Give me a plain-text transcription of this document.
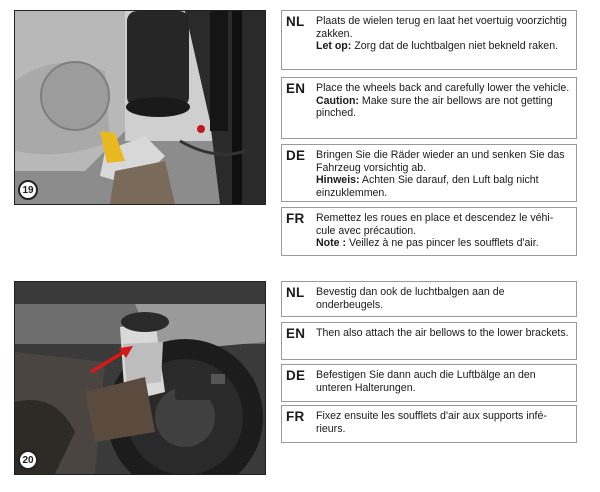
19
NL	Plaats de wielen terug en laat het voertuig voorzichtig zakken.
Let op: Zorg dat de luchtbalgen niet bekneld raken.
EN	Place the wheels back and carefully lower the vehicle.
Caution: Make sure the air bellows are not getting pinched.
DE	Bringen Sie die Räder wieder an und senken Sie das Fahrzeug vorsichtig ab.
Hinweis: Achten Sie darauf, den Luft balg nicht einzuklemmen.
FR	Remettez les roues en place et descendez le véhi-cule avec précaution.
Note : Veillez à ne pas pincer les soufflets d'air.
20
NL	Bevestig dan ook de luchtbalgen aan de onderbeugels.
EN	Then also attach the air bellows to the lower brackets.
DE	Befestigen Sie dann auch die Luftbälge an den unteren Halterungen.
FR	Fixez ensuite les soufflets d'air aux supports infé-rieurs.
